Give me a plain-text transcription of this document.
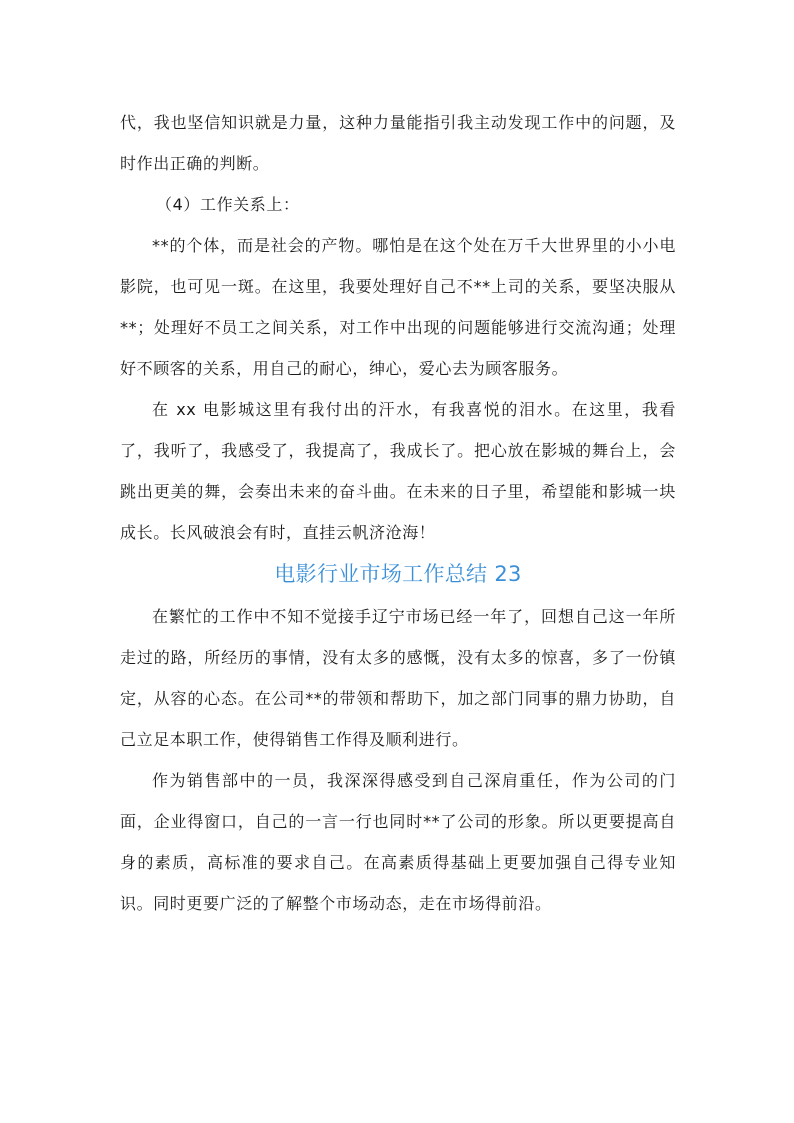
代，我也坚信知识就是力量，这种力量能指引我主动发现工作中的问题，及时作出正确的判断。

（4）工作关系上：

**的个体，而是社会的产物。哪怕是在这个处在万千大世界里的小小电影院，也可见一斑。在这里，我要处理好自己不**上司的关系，要坚决服从**；处理好不员工之间关系，对工作中出现的问题能够进行交流沟通；处理好不顾客的关系，用自己的耐心，绅心，爱心去为顾客服务。

在 xx 电影城这里有我付出的汗水，有我喜悦的泪水。在这里，我看了，我听了，我感受了，我提高了，我成长了。把心放在影城的舞台上，会跳出更美的舞，会奏出未来的奋斗曲。在未来的日子里，希望能和影城一块成长。长风破浪会有时，直挂云帆济沧海！

电影行业市场工作总结 23

在繁忙的工作中不知不觉接手辽宁市场已经一年了，回想自己这一年所走过的路，所经历的事情，没有太多的感慨，没有太多的惊喜，多了一份镇定，从容的心态。在公司**的带领和帮助下，加之部门同事的鼎力协助，自己立足本职工作，使得销售工作得及顺利进行。

作为销售部中的一员，我深深得感受到自己深肩重任，作为公司的门面，企业得窗口，自己的一言一行也同时**了公司的形象。所以更要提高自身的素质，高标准的要求自己。在高素质得基础上更要加强自己得专业知识。同时更要广泛的了解整个市场动态，走在市场得前沿。
